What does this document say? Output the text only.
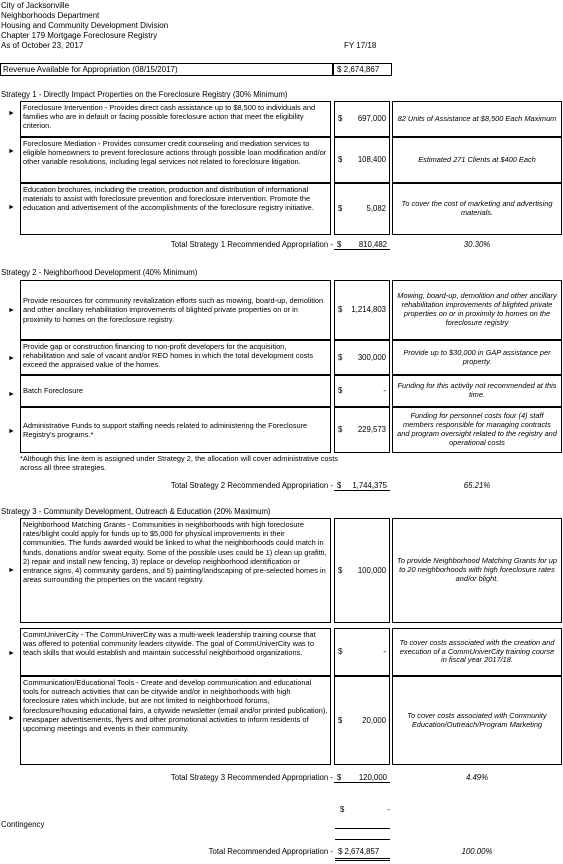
City of Jacksonville
Neighborhoods Department
Housing and Community Development Division
Chapter 179 Mortgage Foreclosure Registry
As of October 23, 2017	FY 17/18
Revenue Available for Appropriation (08/15/2017)	$ 2,674,867
Strategy 1 - Directly Impact Properties on the Foreclosure Registry (30% Minimum)
►
Foreclosure Intervention - Provides direct cash assistance up to $8,500 to individuals and families who are in default or facing possible foreclosure action that meet the eligibility criterion.
$ 697,000	82 Units of Assistance at $8,500 Each Maximum
►
Foreclosure Mediation - Provides consumer credit counseling and mediation services to eligible homeowners to prevent foreclosure actions through possible loan modification and/or other variable resolutions, including legal services not related to foreclosure litigation.	$ 108,400	Estimated 271 Clients at $400 Each
►
Education brochures, including the creation, production and distribution of informational materials to assist with foreclosure prevention and foreclosure intervention. Promote the education and advertisement of the accomplishments of the foreclosure registry initiative.	$	5,082
To cover the cost of marketing and advertising materials.
Total Strategy 1 Recommended Appropriation - $ 810,482	30.30%
Strategy 2 - Neighborhood Development (40% Minimum)
►
Provide resources for community revitalization efforts such as mowing, board-up, demolition and other ancillary rehabilitation improvements of blighted private properties on or in proximity to homes on the foreclosure registry.
$ 1,214,803
Mowing, board-up, demolition and other ancillary rehabilitation improvements of blighted private properties on or in proximity to homes on the foreclosure registry
►
Provide gap or construction financing to non-profit developers for the acquisition, rehabilitation and sale of vacant and/or REO homes in which the total development costs exceed the appraised value of the homes.
$ 300,000
Provide up to $30,000 in GAP assistance per property.
►	Batch Foreclosure	$	-
Funding for this activity not recommended at this time.
►
Administrative Funds to support staffing needs related to administering the Foreclosure Registry's programs.*
$ 229,573
Funding for personnel costs four (4) staff members responsible for managing contracts and program oversight related to the registry and operational costs
*Although this line item is assigned under Strategy 2, the allocation will cover administrative costs across all three strategies.
Total Strategy 2 Recommended Appropriation - $ 1,744,375	65.21%
Strategy 3 - Community Development, Outreach & Education (20% Maximum)
►
Neighborhood Matching Grants - Communities in neighborhoods with high foreclosure rates/blight could apply for funds up to $5,000 for physical improvements in their communities. The funds awarded would be linked to what the neighborhoods could match in funds, donations and/or sweat equity. Some of the possible uses could be 1) clean up grafitti, 2) repair and install new fencing, 3) replace or develop neighborhood identification or entrance signs, 4) community gardens, and 5) painting/landscaping of pre-selected homes in areas surrounding the properties on the vacant registry.
$ 100,000
To provide Neighborhood Matching Grants for up to 20 neighborhoods with high foreclosure rates and/or blight.
►
CommUniverCity - The CommUniverCity was a multi-week leadership training course that was offered to potential community leaders citywide. The goal of CommUniverCity was to teach skills that would establish and maintain successful neighborhood organizations.	$	-
To cover costs associated with the creation and execution of a CommUniverCity training course in fiscal year 2017/18.
►
Communication/Educational Tools - Create and develop communication and educational tools for outreach activities that can be citywide and/or in neighborhoods with high foreclosure rates which include, but are not limited to neighborhood forums, foreclosure/housing educational fairs, a citywide newsletter (email and/or printed publication), newspaper advertisements, flyers and other promotional activities to inform residents of upcoming meetings and events in their community.
$	20,000
To cover costs associated with Community Education/Outreach/Program Marketing
Total Strategy 3 Recommended Appropriation - $ 120,000	4.49%
$	-
Contingency
Total Recommended Appropriation - $ 2,674,857	100.00%
